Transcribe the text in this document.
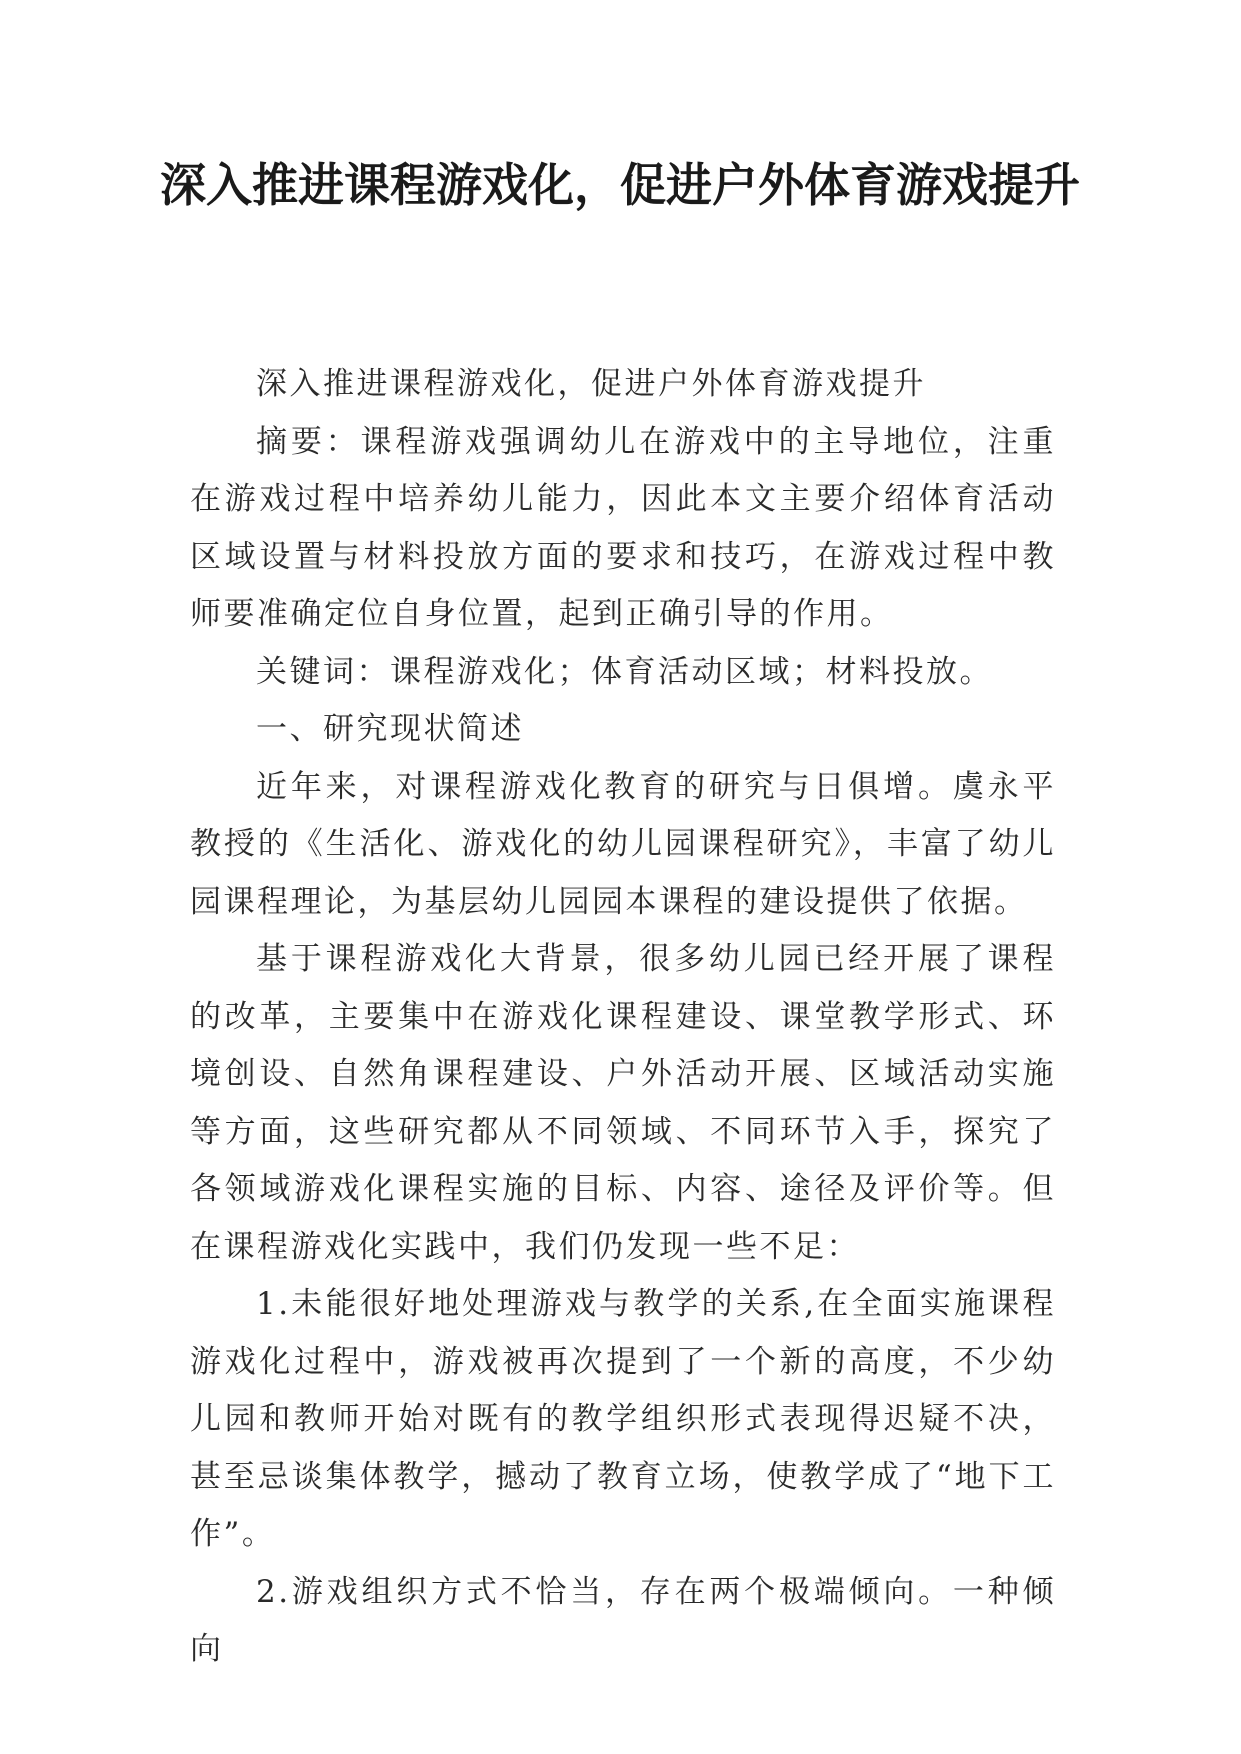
深入推进课程游戏化，促进户外体育游戏提升

深入推进课程游戏化，促进户外体育游戏提升

摘要：课程游戏强调幼儿在游戏中的主导地位，注重在游戏过程中培养幼儿能力，因此本文主要介绍体育活动区域设置与材料投放方面的要求和技巧，在游戏过程中教师要准确定位自身位置，起到正确引导的作用。

关键词：课程游戏化；体育活动区域；材料投放。

一、研究现状简述

近年来，对课程游戏化教育的研究与日俱增。虞永平教授的《生活化、游戏化的幼儿园课程研究》，丰富了幼儿园课程理论，为基层幼儿园园本课程的建设提供了依据。

基于课程游戏化大背景，很多幼儿园已经开展了课程的改革，主要集中在游戏化课程建设、课堂教学形式、环境创设、自然角课程建设、户外活动开展、区域活动实施等方面，这些研究都从不同领域、不同环节入手，探究了各领域游戏化课程实施的目标、内容、途径及评价等。但在课程游戏化实践中，我们仍发现一些不足：

1.未能很好地处理游戏与教学的关系,在全面实施课程游戏化过程中，游戏被再次提到了一个新的高度，不少幼儿园和教师开始对既有的教学组织形式表现得迟疑不决，甚至忌谈集体教学，撼动了教育立场，使教学成了“地下工作”。

2.游戏组织方式不恰当，存在两个极端倾向。一种倾向
